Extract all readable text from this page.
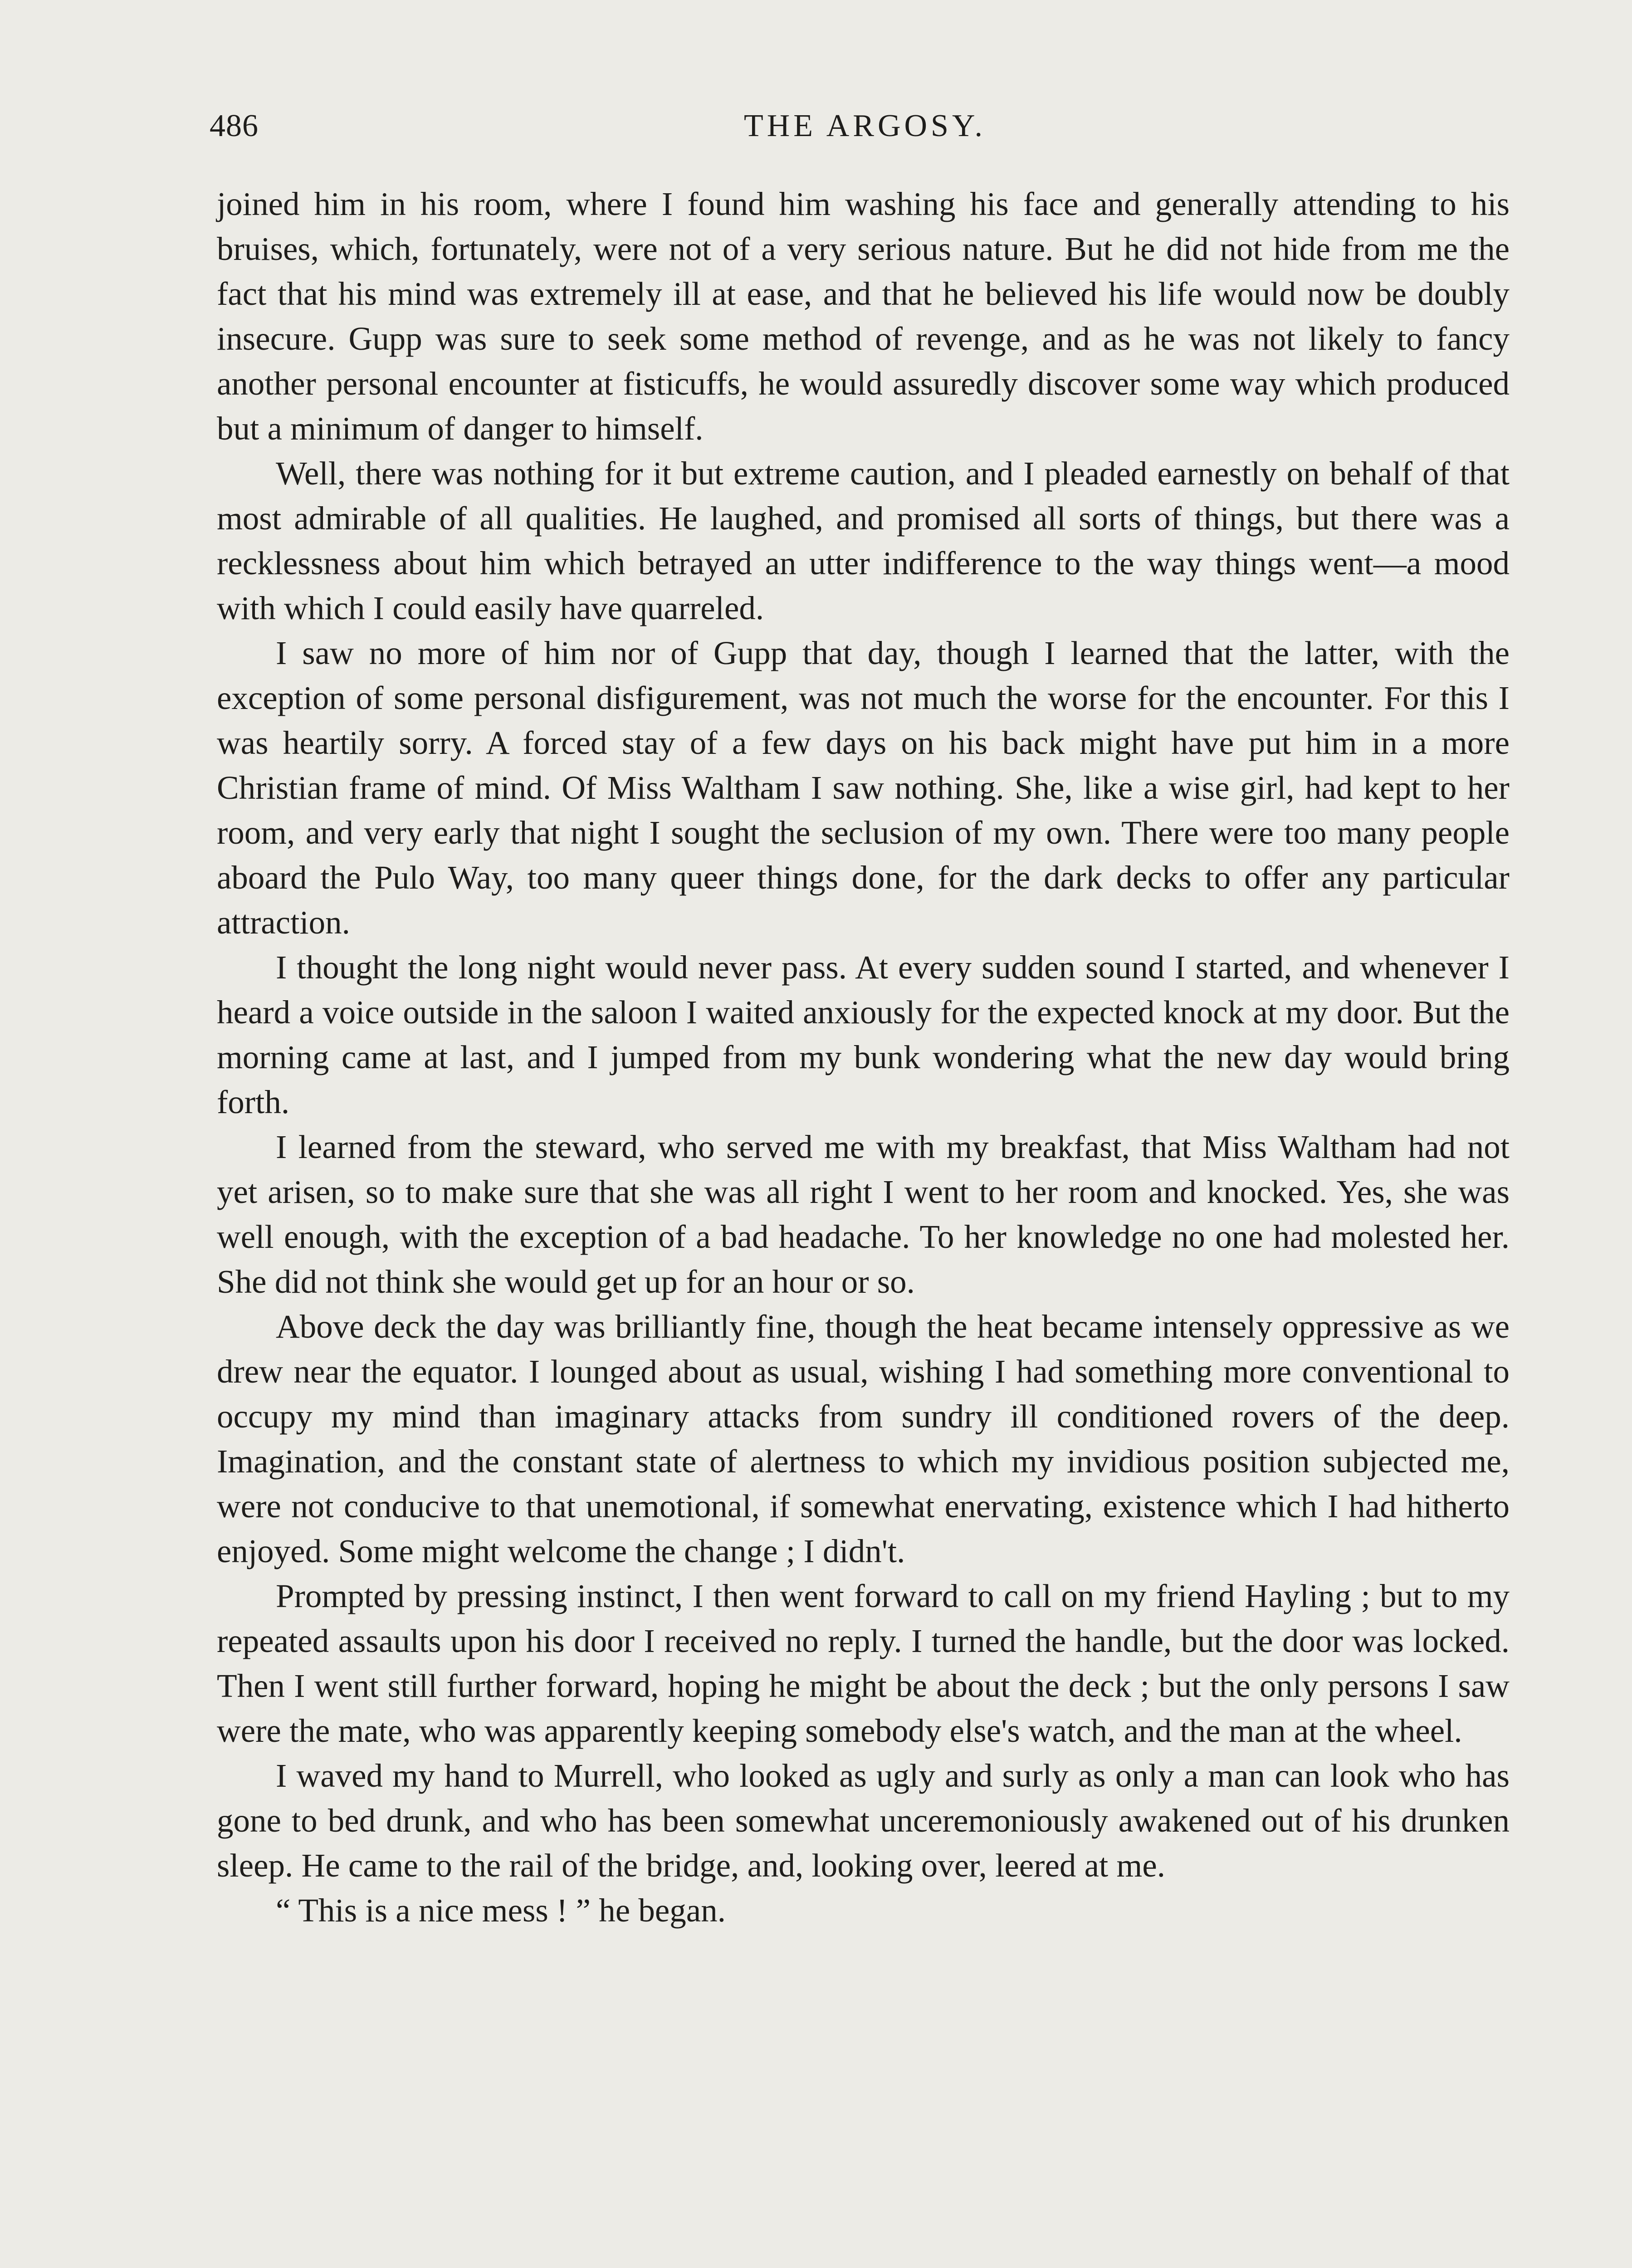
486	THE ARGOSY.

joined him in his room, where I found him washing his face and generally attending to his bruises, which, fortunately, were not of a very serious nature. But he did not hide from me the fact that his mind was extremely ill at ease, and that he believed his life would now be doubly insecure. Gupp was sure to seek some method of revenge, and as he was not likely to fancy another personal encounter at fisticuffs, he would assuredly discover some way which produced but a minimum of danger to himself.

Well, there was nothing for it but extreme caution, and I pleaded earnestly on behalf of that most admirable of all qualities. He laughed, and promised all sorts of things, but there was a recklessness about him which betrayed an utter indifference to the way things went—a mood with which I could easily have quarreled.

I saw no more of him nor of Gupp that day, though I learned that the latter, with the exception of some personal disfigurement, was not much the worse for the encounter. For this I was heartily sorry. A forced stay of a few days on his back might have put him in a more Christian frame of mind. Of Miss Waltham I saw nothing. She, like a wise girl, had kept to her room, and very early that night I sought the seclusion of my own. There were too many people aboard the Pulo Way, too many queer things done, for the dark decks to offer any particular attraction.

I thought the long night would never pass. At every sudden sound I started, and whenever I heard a voice outside in the saloon I waited anxiously for the expected knock at my door. But the morning came at last, and I jumped from my bunk wondering what the new day would bring forth.

I learned from the steward, who served me with my breakfast, that Miss Waltham had not yet arisen, so to make sure that she was all right I went to her room and knocked. Yes, she was well enough, with the exception of a bad headache. To her knowledge no one had molested her. She did not think she would get up for an hour or so.

Above deck the day was brilliantly fine, though the heat became intensely oppressive as we drew near the equator. I lounged about as usual, wishing I had something more conventional to occupy my mind than imaginary attacks from sundry ill conditioned rovers of the deep. Imagination, and the constant state of alertness to which my invidious position subjected me, were not conducive to that unemotional, if somewhat enervating, existence which I had hitherto enjoyed. Some might welcome the change ; I didn't.

Prompted by pressing instinct, I then went forward to call on my friend Hayling ; but to my repeated assaults upon his door I received no reply. I turned the handle, but the door was locked. Then I went still further forward, hoping he might be about the deck ; but the only persons I saw were the mate, who was apparently keeping somebody else's watch, and the man at the wheel.

I waved my hand to Murrell, who looked as ugly and surly as only a man can look who has gone to bed drunk, and who has been somewhat unceremoniously awakened out of his drunken sleep. He came to the rail of the bridge, and, looking over, leered at me.

“ This is a nice mess ! ” he began.
